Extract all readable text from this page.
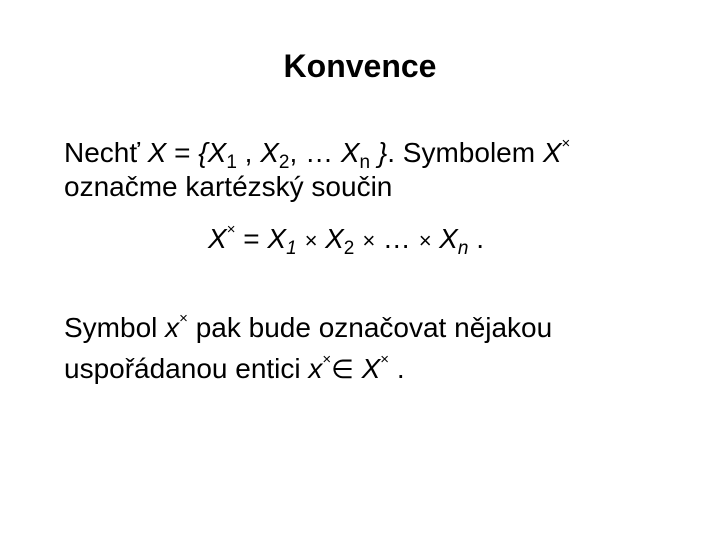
Konvence
Nechť $X = \{X_1$ , $X_2$, … $X_n$ }. Symbolem X×
označme kartézský součin
$X^\times = X_1 \times X_2$ × … × $X_n$ .
Symbol x× pak bude označovat nějakou
uspořádanou entici x×∈ X× .
